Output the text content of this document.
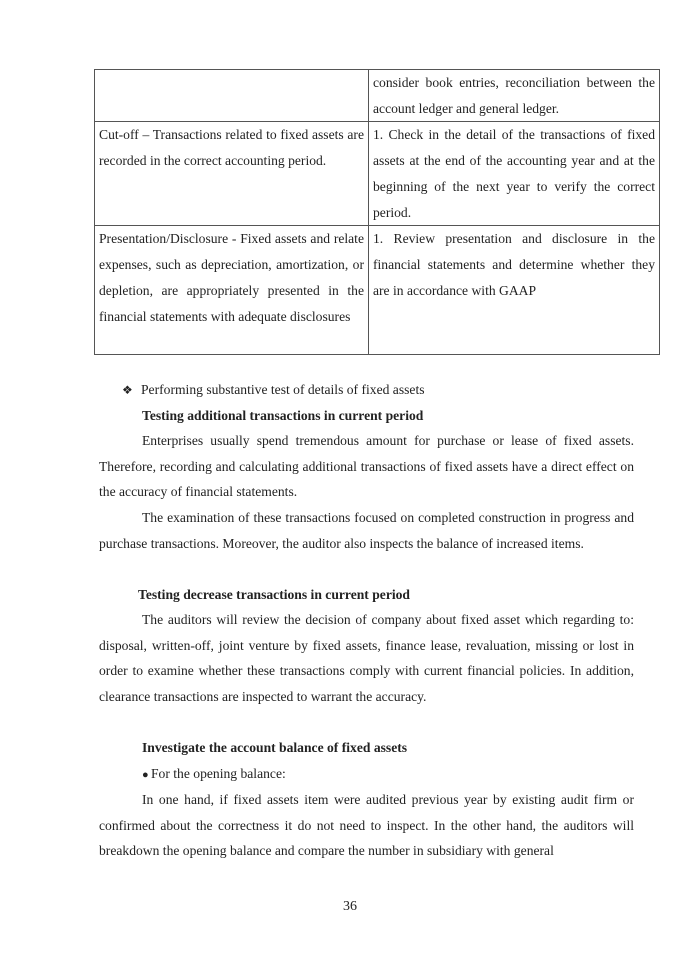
	consider book entries, reconciliation between the account ledger and general ledger.
Cut-off – Transactions related to fixed assets are recorded in the correct accounting period.	1. Check in the detail of the transactions of fixed assets at the end of the accounting year and at the beginning of the next year to verify the correct period.
Presentation/Disclosure - Fixed assets and relate expenses, such as depreciation, amortization, or depletion, are appropriately presented in the financial statements with adequate disclosures	1. Review presentation and disclosure in the financial statements and determine whether they are in accordance with GAAP

❖ Performing substantive test of details of fixed assets

Testing additional transactions in current period

Enterprises usually spend tremendous amount for purchase or lease of fixed assets. Therefore, recording and calculating additional transactions of fixed assets have a direct effect on the accuracy of financial statements.

The examination of these transactions focused on completed construction in progress and purchase transactions. Moreover, the auditor also inspects the balance of increased items.

Testing decrease transactions in current period

The auditors will review the decision of company about fixed asset which regarding to: disposal, written-off, joint venture by fixed assets, finance lease, revaluation, missing or lost in order to examine whether these transactions comply with current financial policies. In addition, clearance transactions are inspected to warrant the accuracy.

Investigate the account balance of fixed assets

● For the opening balance:

In one hand, if fixed assets item were audited previous year by existing audit firm or confirmed about the correctness it do not need to inspect. In the other hand, the auditors will breakdown the opening balance and compare the number in subsidiary with general

36
